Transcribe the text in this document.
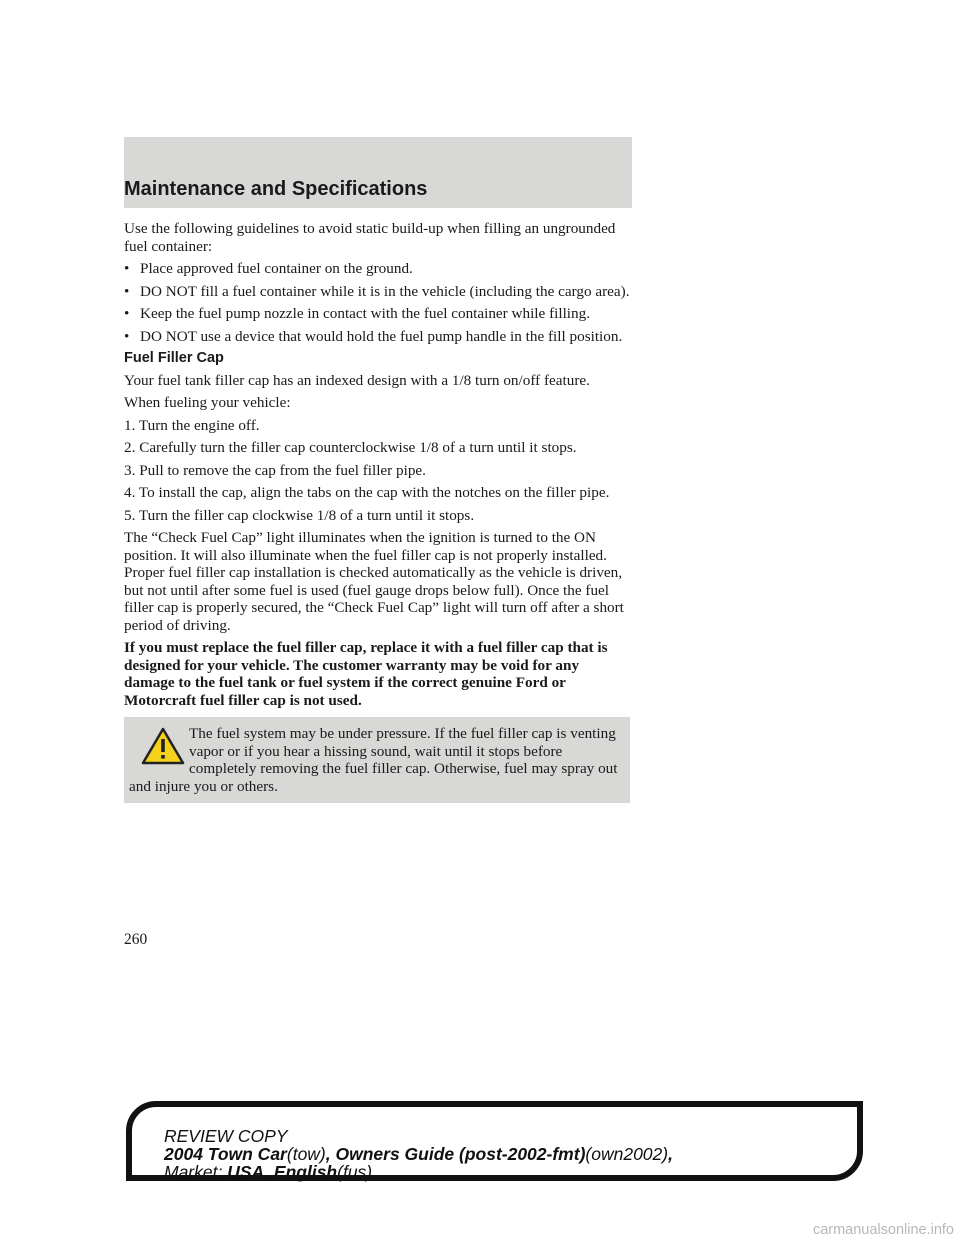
Maintenance and Specifications

Use the following guidelines to avoid static build-up when filling an ungrounded fuel container:

• Place approved fuel container on the ground.
• DO NOT fill a fuel container while it is in the vehicle (including the cargo area).
• Keep the fuel pump nozzle in contact with the fuel container while filling.
• DO NOT use a device that would hold the fuel pump handle in the fill position.
Fuel Filler Cap

Your fuel tank filler cap has an indexed design with a 1/8 turn on/off feature.

When fueling your vehicle:

1. Turn the engine off.
2. Carefully turn the filler cap counterclockwise 1/8 of a turn until it stops.
3. Pull to remove the cap from the fuel filler pipe.
4. To install the cap, align the tabs on the cap with the notches on the filler pipe.
5. Turn the filler cap clockwise 1/8 of a turn until it stops.

The “Check Fuel Cap” light illuminates when the ignition is turned to the ON position. It will also illuminate when the fuel filler cap is not properly installed. Proper fuel filler cap installation is checked automatically as the vehicle is driven, but not until after some fuel is used (fuel gauge drops below full). Once the fuel filler cap is properly secured, the “Check Fuel Cap” light will turn off after a short period of driving.

If you must replace the fuel filler cap, replace it with a fuel filler cap that is designed for your vehicle. The customer warranty may be void for any damage to the fuel tank or fuel system if the correct genuine Ford or Motorcraft fuel filler cap is not used.

The fuel system may be under pressure. If the fuel filler cap is venting vapor or if you hear a hissing sound, wait until it stops before completely removing the fuel filler cap. Otherwise, fuel may spray out and injure you or others.
260
REVIEW COPY
2004 Town Car(tow), Owners Guide (post-2002-fmt)(own2002),
Market: USA_English(fus)
carmanualsonline.info
